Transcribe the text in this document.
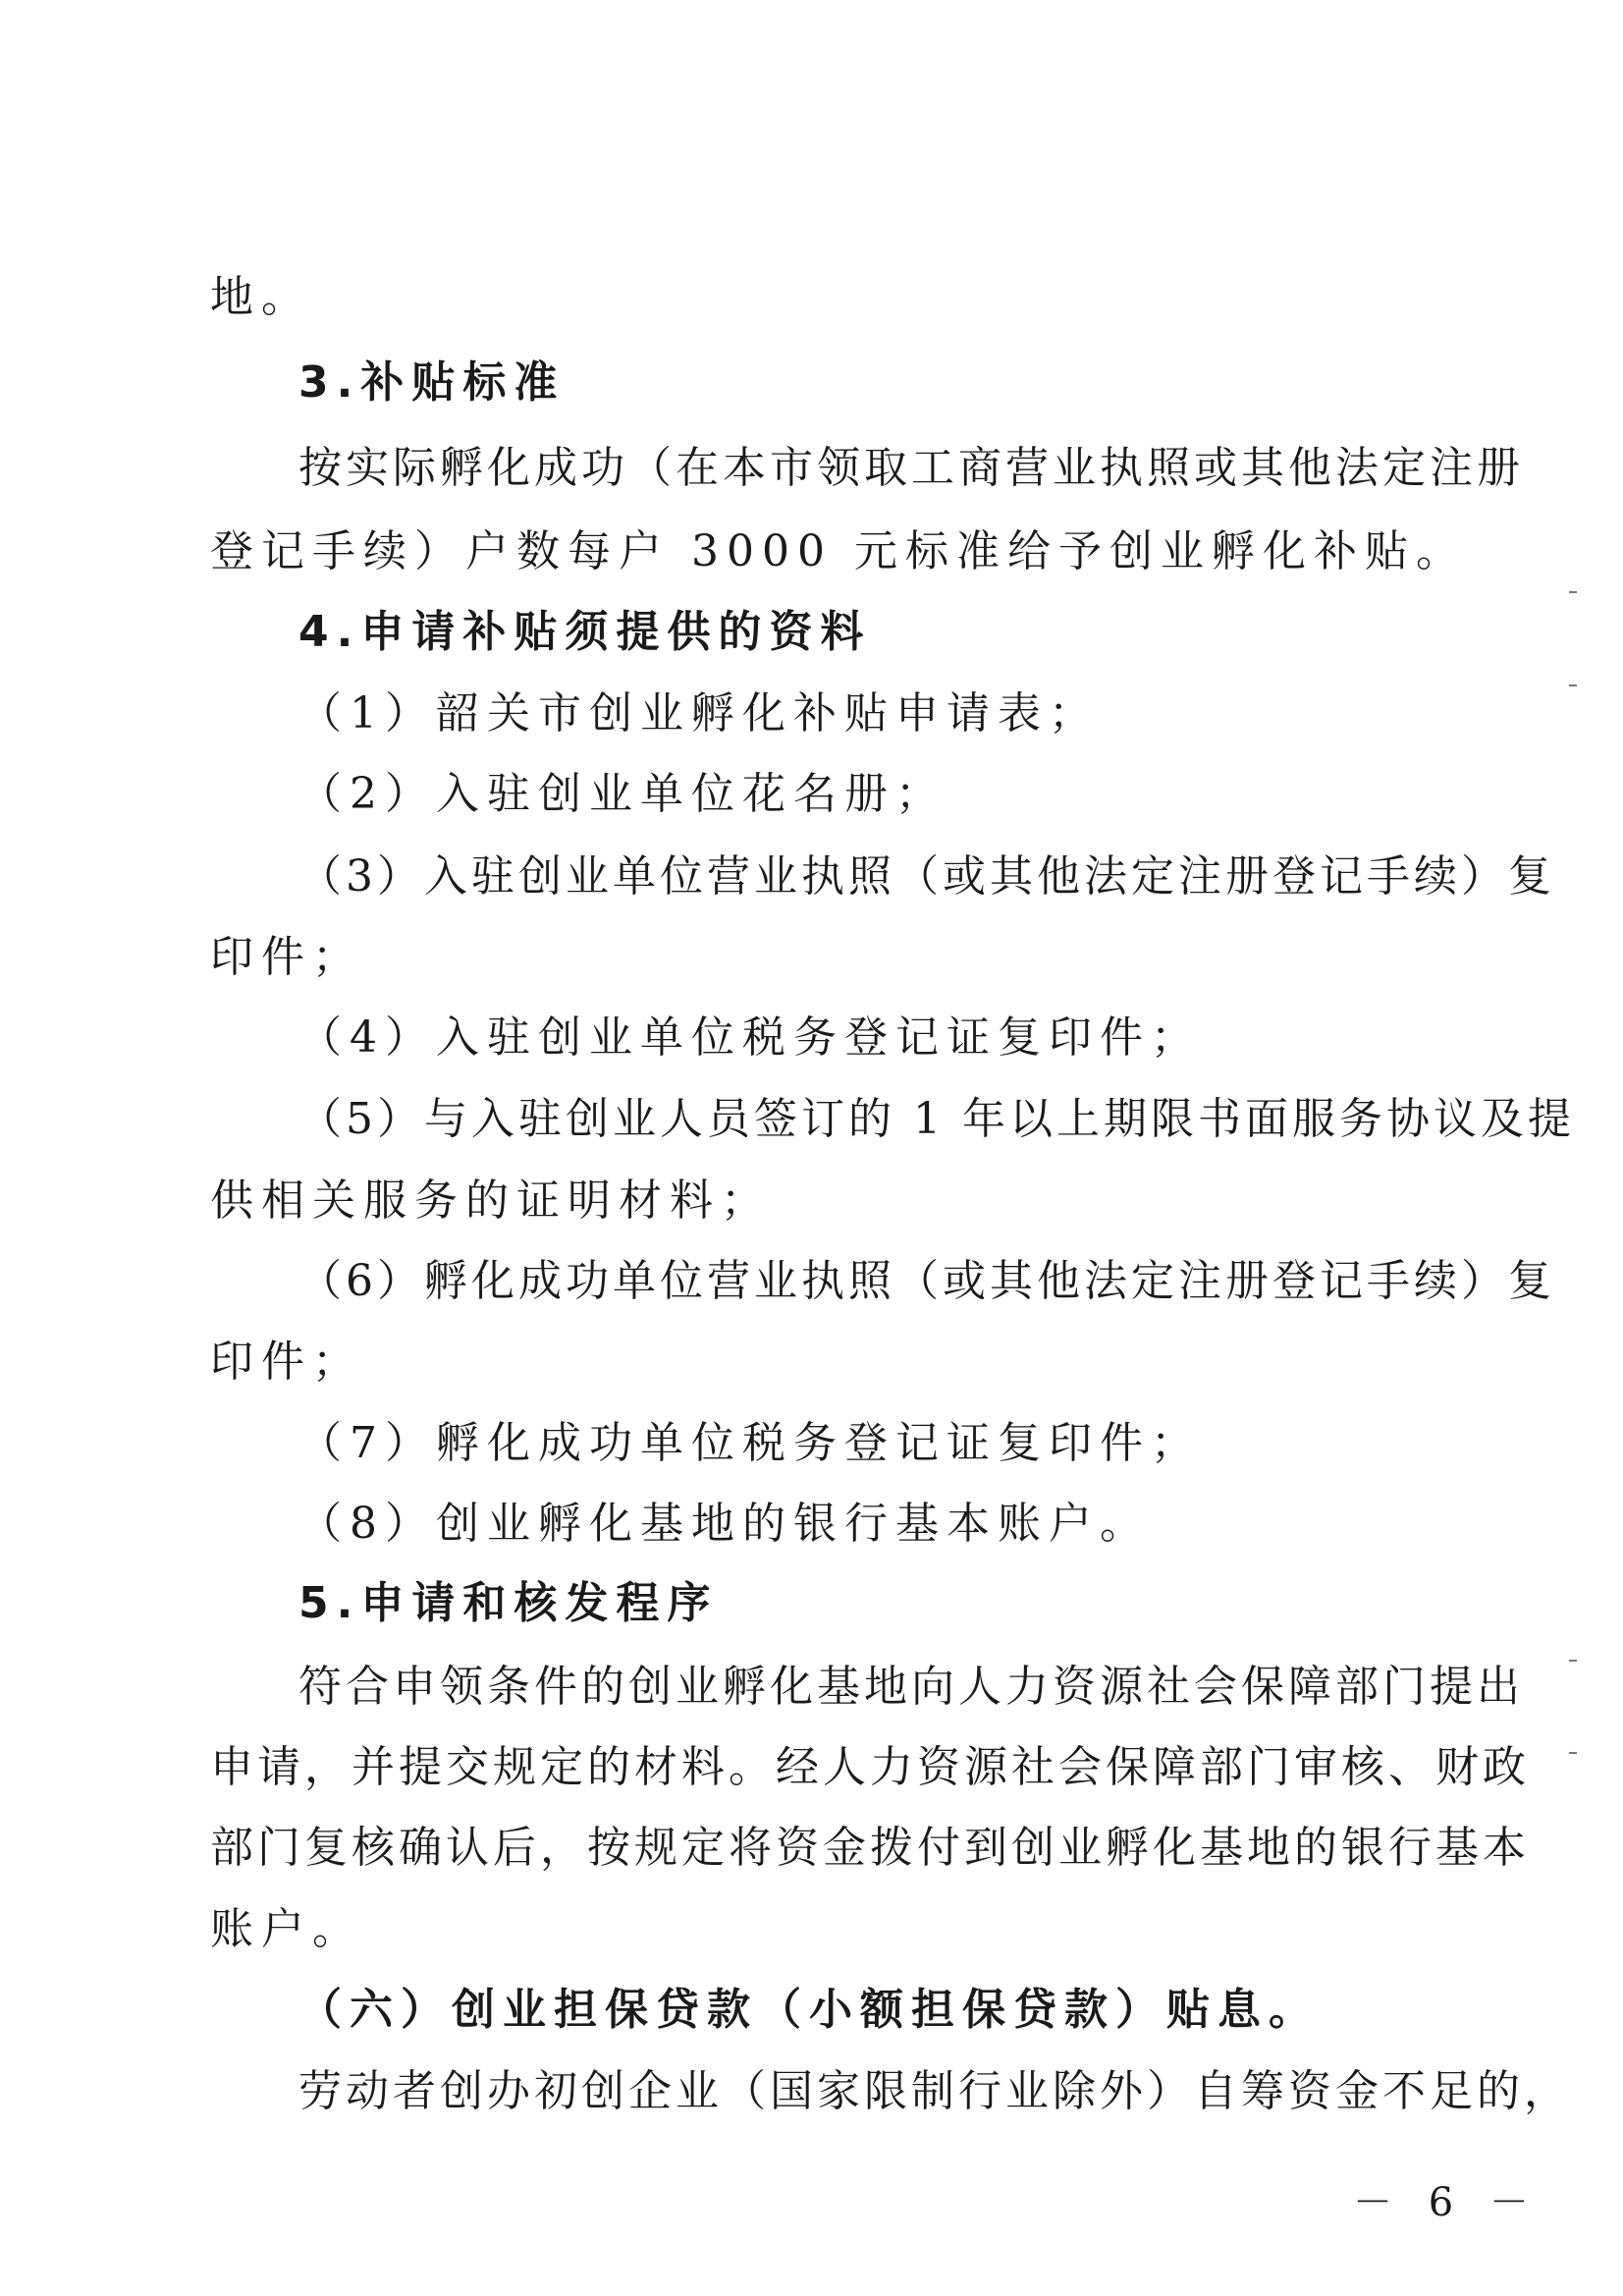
地。
3.补贴标准
按实际孵化成功（在本市领取工商营业执照或其他法定注册
登记手续）户数每户 3000 元标准给予创业孵化补贴。
4.申请补贴须提供的资料
（1）韶关市创业孵化补贴申请表；
（2）入驻创业单位花名册；
（3）入驻创业单位营业执照（或其他法定注册登记手续）复
印件；
（4）入驻创业单位税务登记证复印件；
（5）与入驻创业人员签订的 1 年以上期限书面服务协议及提
供相关服务的证明材料；
（6）孵化成功单位营业执照（或其他法定注册登记手续）复
印件；
（7）孵化成功单位税务登记证复印件；
（8）创业孵化基地的银行基本账户。
5.申请和核发程序
符合申领条件的创业孵化基地向人力资源社会保障部门提出
申请，并提交规定的材料。经人力资源社会保障部门审核、财政
部门复核确认后，按规定将资金拨付到创业孵化基地的银行基本
账户。
（六）创业担保贷款（小额担保贷款）贴息。
劳动者创办初创企业（国家限制行业除外）自筹资金不足的，
－ 6 －
